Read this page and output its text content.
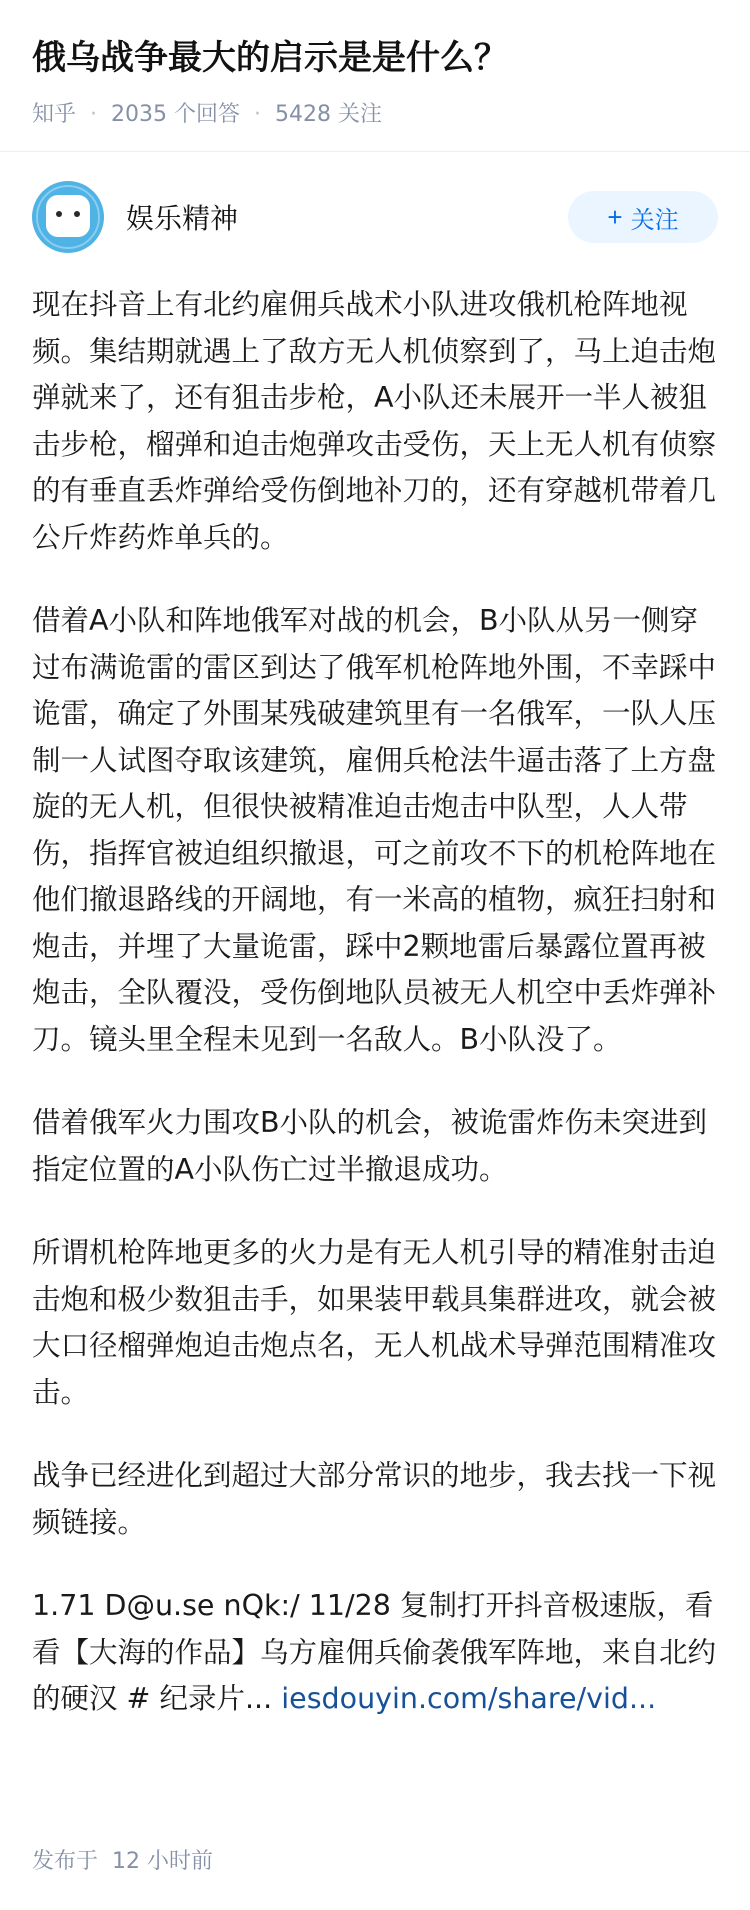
俄乌战争最大的启示是是什么？
知乎 · 2035 个回答 · 5428 关注
娱乐精神	+ 关注

现在抖音上有北约雇佣兵战术小队进攻俄机枪阵地视频。集结期就遇上了敌方无人机侦察到了，马上迫击炮弹就来了，还有狙击步枪，A小队还未展开一半人被狙击步枪，榴弹和迫击炮弹攻击受伤，天上无人机有侦察的有垂直丢炸弹给受伤倒地补刀的，还有穿越机带着几公斤炸药炸单兵的。

借着A小队和阵地俄军对战的机会，B小队从另一侧穿过布满诡雷的雷区到达了俄军机枪阵地外围，不幸踩中诡雷，确定了外围某残破建筑里有一名俄军，一队人压制一人试图夺取该建筑，雇佣兵枪法牛逼击落了上方盘旋的无人机，但很快被精准迫击炮击中队型，人人带伤，指挥官被迫组织撤退，可之前攻不下的机枪阵地在他们撤退路线的开阔地，有一米高的植物，疯狂扫射和炮击，并埋了大量诡雷，踩中2颗地雷后暴露位置再被炮击，全队覆没，受伤倒地队员被无人机空中丢炸弹补刀。镜头里全程未见到一名敌人。B小队没了。

借着俄军火力围攻B小队的机会，被诡雷炸伤未突进到指定位置的A小队伤亡过半撤退成功。

所谓机枪阵地更多的火力是有无人机引导的精准射击迫击炮和极少数狙击手，如果装甲载具集群进攻，就会被大口径榴弹炮迫击炮点名，无人机战术导弹范围精准攻击。

战争已经进化到超过大部分常识的地步，我去找一下视频链接。

1.71 D@u.se nQk:/ 11/28 复制打开抖音极速版，看看【大海的作品】乌方雇佣兵偷袭俄军阵地，来自北约的硬汉 # 纪录片... iesdouyin.com/share/vid...

发布于 12 小时前
